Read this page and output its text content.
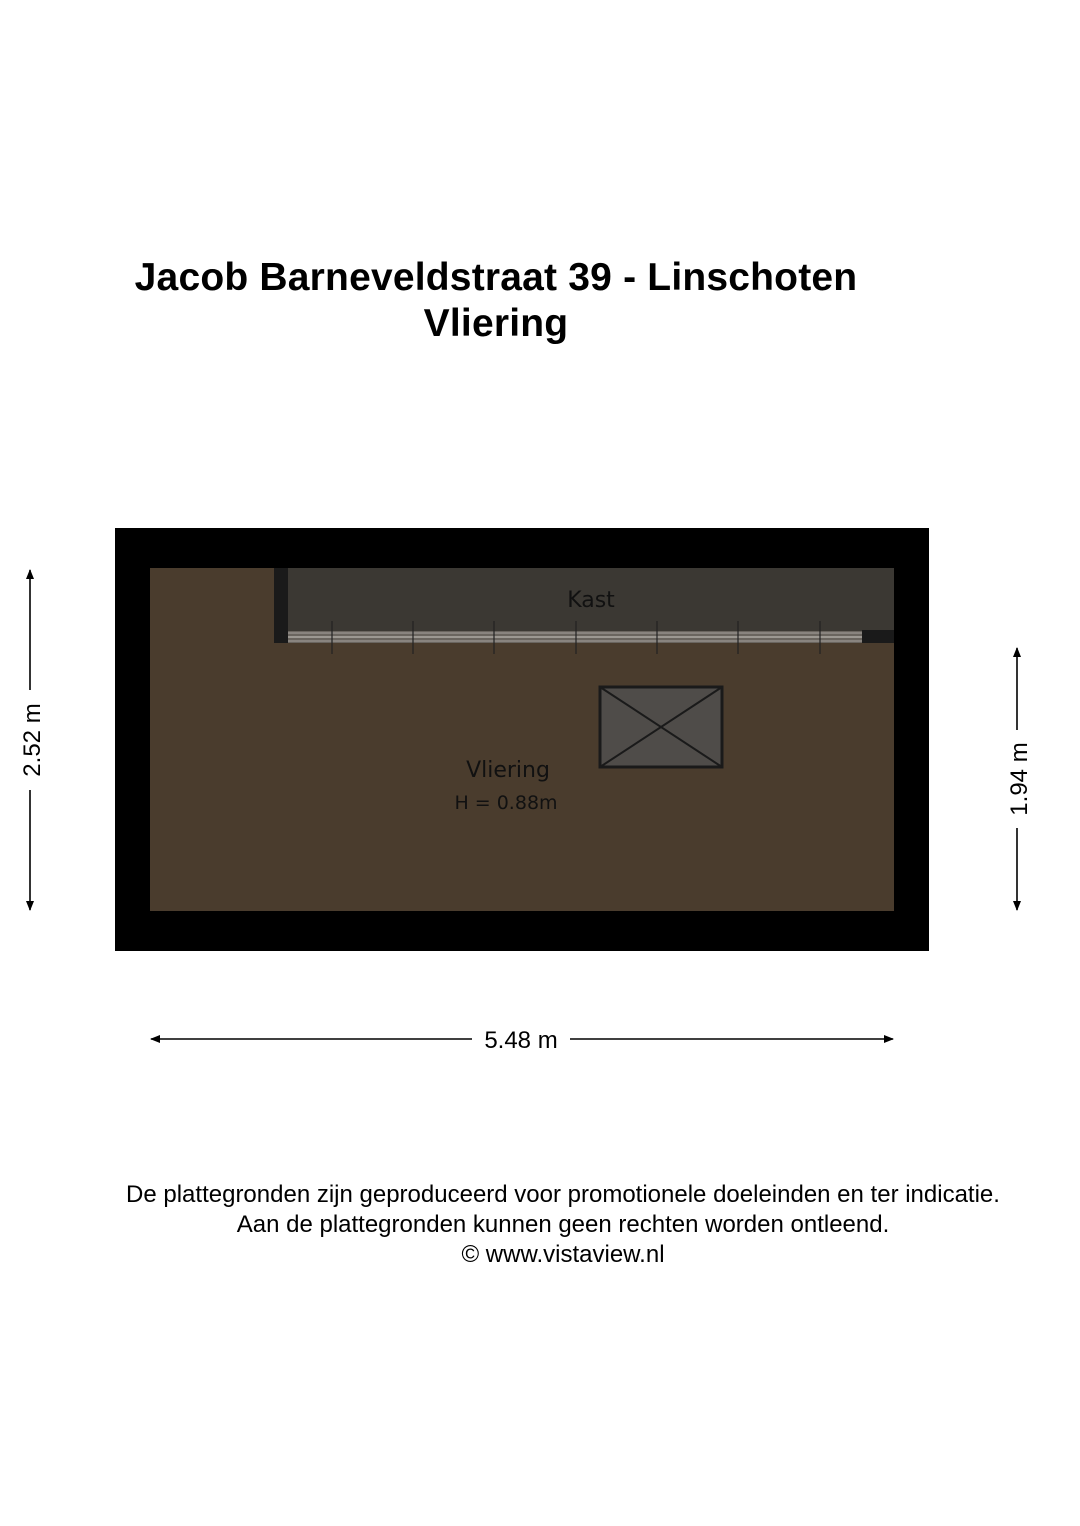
Jacob Barneveldstraat 39 - Linschoten
Vliering
Kast
Vliering
H = 0.88m
2.52 m
1.94 m
5.48 m
De plattegronden zijn geproduceerd voor promotionele doeleinden en ter indicatie.
Aan de plattegronden kunnen geen rechten worden ontleend.
© www.vistaview.nl
